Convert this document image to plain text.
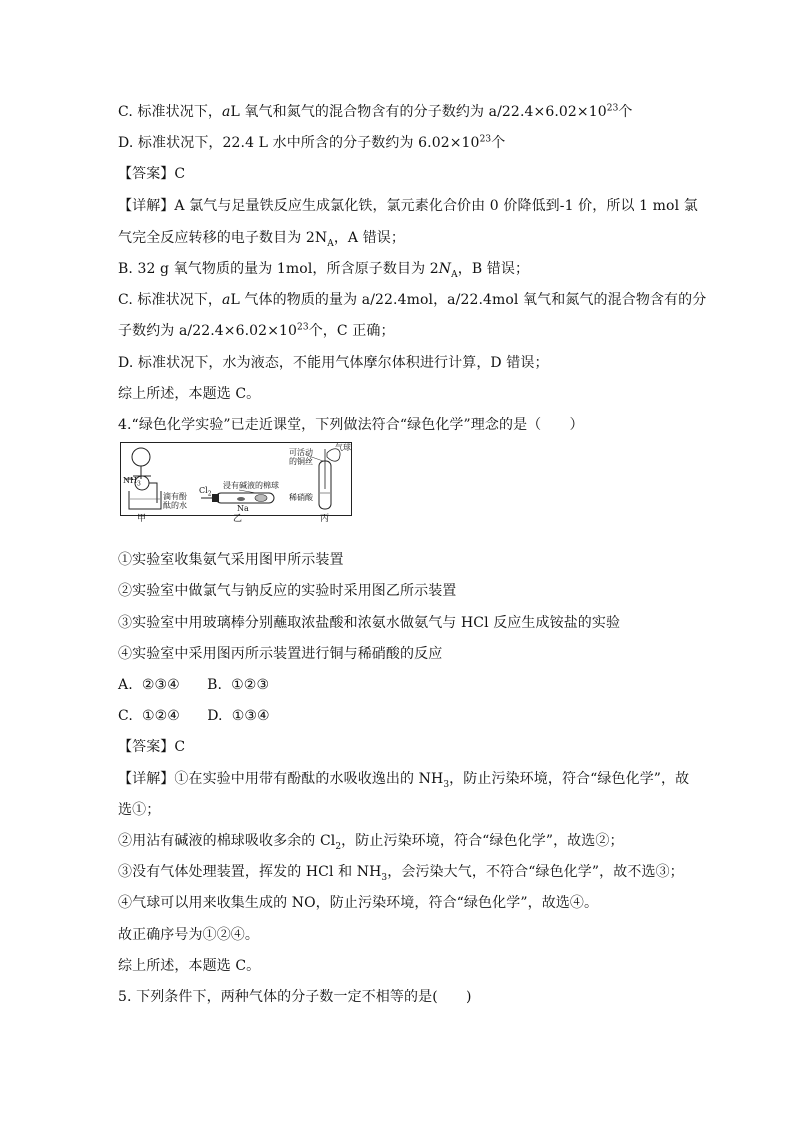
C. 标准状况下，aL 氧气和氮气的混合物含有的分子数约为 $a/22.4\times 6.02\times 10^{23}$个
D. 标准状况下，22.4 L 水中所含的分子数约为 $6.02\times 10^{23}$个
【答案】C
【详解】A 氯气与足量铁反应生成氯化铁，氯元素化合价由 0 价降低到-1 价，所以 1 mol 氯
气完全反应转移的电子数目为 $2N_A$，A 错误；
B. 32 g 氧气物质的量为 1mol，所含原子数目为 $2N_A$，B 错误；
C. 标准状况下，aL 气体的物质的量为 a/22.4mol，a/22.4mol 氧气和氮气的混合物含有的分
子数约为 $a/22.4\times 6.02\times 10^{23}$个，C 正确；
D. 标准状况下，水为液态，不能用气体摩尔体积进行计算，D 错误；
综上所述，本题选 C。
4.“绿色化学实验”已走近课堂，下列做法符合“绿色化学”理念的是（　　）
$NH_3$
滴有酚
酞的水
$Cl_2$
浸有碱液的棉球
Na
可活动
的铜丝
气球
稀硝酸
甲	乙	丙
①实验室收集氨气采用图甲所示装置
②实验室中做氯气与钠反应的实验时采用图乙所示装置
③实验室中用玻璃棒分别蘸取浓盐酸和浓氨水做氨气与 HCl 反应生成铵盐的实验
④实验室中采用图丙所示装置进行铜与稀硝酸的反应
A.  ②③④      B.  ①②③
C.  ①②④      D.  ①③④
【答案】C
【详解】①在实验中用带有酚酞的水吸收逸出的 $NH_3$，防止污染环境，符合“绿色化学”，故
选①；
②用沾有碱液的棉球吸收多余的 $Cl_2$，防止污染环境，符合“绿色化学”，故选②；
③没有气体处理装置，挥发的 HCl 和 $NH_3$，会污染大气，不符合“绿色化学”，故不选③；
④气球可以用来收集生成的 NO，防止污染环境，符合“绿色化学”，故选④。
故正确序号为①②④。
综上所述，本题选 C。
5. 下列条件下，两种气体的分子数一定不相等的是(　　)
